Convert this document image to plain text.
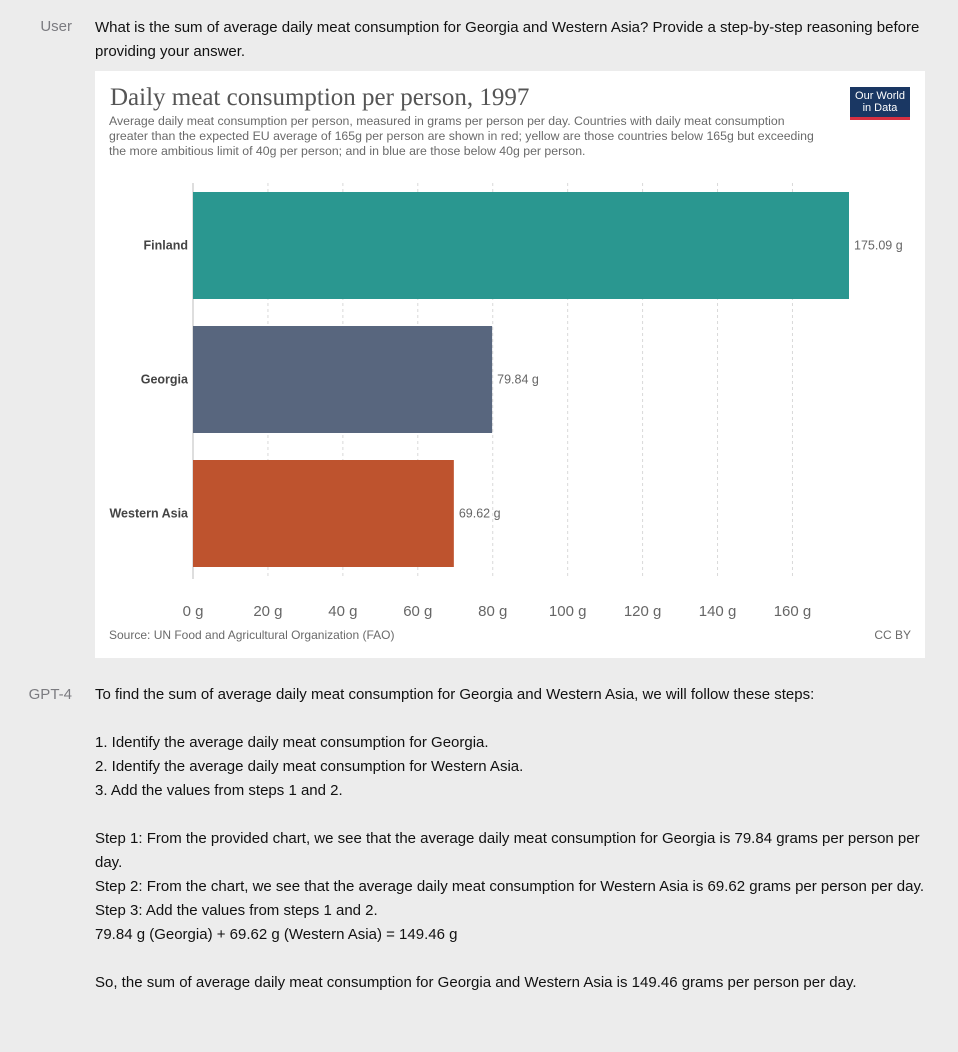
User What is the sum of average daily meat consumption for Georgia and Western Asia? Provide a step-by-step reasoning before providing your answer.

Daily meat consumption per person, 1997

Average daily meat consumption per person, measured in grams per person per day. Countries with daily meat consumption greater than the expected EU average of 165g per person are shown in red; yellow are those countries below 165g but exceeding the more ambitious limit of 40g per person; and in blue are those below 40g per person.

Our World
in Data
Finland	175.09 g
Georgia	79.84 g
Western Asia	69.62 g
0 g	20 g	40 g	60 g	80 g	100 g 120 g 140 g 160 g
Source: UN Food and Agricultural Organization (FAO)	CC BY
GPT-4 To find the sum of average daily meat consumption for Georgia and Western Asia, we will follow these steps:

1. Identify the average daily meat consumption for Georgia.

2. Identify the average daily meat consumption for Western Asia.

3. Add the values from steps 1 and 2.

Step 1: From the provided chart, we see that the average daily meat consumption for Georgia is 79.84 grams per person per day.

Step 2: From the chart, we see that the average daily meat consumption for Western Asia is 69.62 grams per person per day.

Step 3: Add the values from steps 1 and 2.

79.84 g (Georgia) + 69.62 g (Western Asia) = 149.46 g

So, the sum of average daily meat consumption for Georgia and Western Asia is 149.46 grams per person per day.
